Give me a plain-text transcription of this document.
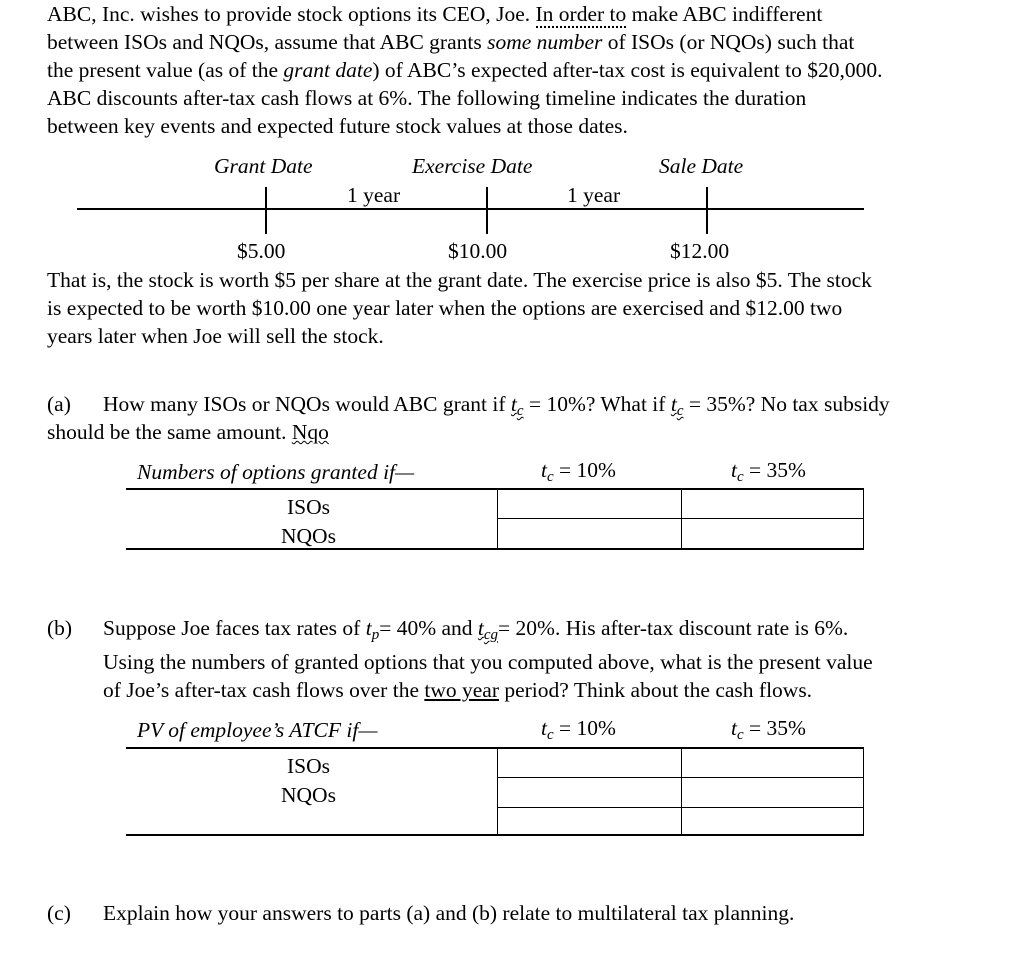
ABC, Inc. wishes to provide stock options its CEO, Joe. In order to make ABC indifferent
between ISOs and NQOs, assume that ABC grants some number of ISOs (or NQOs) such that
the present value (as of the grant date) of ABC’s expected after-tax cost is equivalent to $20,000.
ABC discounts after-tax cash flows at 6%. The following timeline indicates the duration
between key events and expected future stock values at those dates.
Grant Date	Exercise Date	Sale Date
1 year	1 year
$5.00	$10.00	$12.00
That is, the stock is worth $5 per share at the grant date. The exercise price is also $5. The stock
is expected to be worth $10.00 one year later when the options are exercised and $12.00 two
years later when Joe will sell the stock.
(a) How many ISOs or NQOs would ABC grant if $t_c = 10\%$? What if $t_c = 35\%$? No tax subsidy
should be the same amount. Nqo
Numbers of options granted if—	$t_c = 10\%$	$t_c = 35\%$
ISOs
NQOs
(b) Suppose Joe faces tax rates of $t_p= 40\%$ and $t_{cg}= 20\%$. His after-tax discount rate is 6%.
Using the numbers of granted options that you computed above, what is the present value
of Joe’s after-tax cash flows over the two year period? Think about the cash flows.
PV of employee’s ATCF if—	$t_c = 10\%$	$t_c = 35\%$
ISOs
NQOs
(c) Explain how your answers to parts (a) and (b) relate to multilateral tax planning.
